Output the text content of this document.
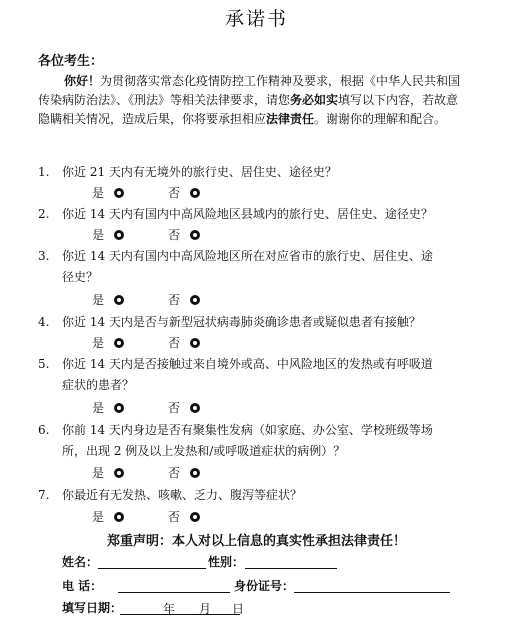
承诺书
各位考生：
你好！为贯彻落实常态化疫情防控工作精神及要求，根据《中华人民共和国传染病防治法》、《刑法》等相关法律要求，请您务必如实填写以下内容，若故意隐瞒相关情况，造成后果，你将要承担相应法律责任。谢谢你的理解和配合。
1. 你近 21 天内有无境外的旅行史、居住史、途径史？
是	否
2. 你近 14 天内有国内中高风险地区县域内的旅行史、居住史、途径史？
是	否
3. 你近 14 天内有国内中高风险地区所在对应省市的旅行史、居住史、途
径史？
是	否
4. 你近 14 天内是否与新型冠状病毒肺炎确诊患者或疑似患者有接触？
是	否
5. 你近 14 天内是否接触过来自境外或高、中风险地区的发热或有呼吸道
症状的患者？
是	否
6. 你前 14 天内身边是否有聚集性发病（如家庭、办公室、学校班级等场
所，出现 2 例及以上发热和/或呼吸道症状的病例）？
是	否
7. 你最近有无发热、咳嗽、乏力、腹泻等症状？
是	否
郑重声明：本人对以上信息的真实性承担法律责任！
姓名：	性别：
电 话：	身份证号：
填写日期：	年 月 日
